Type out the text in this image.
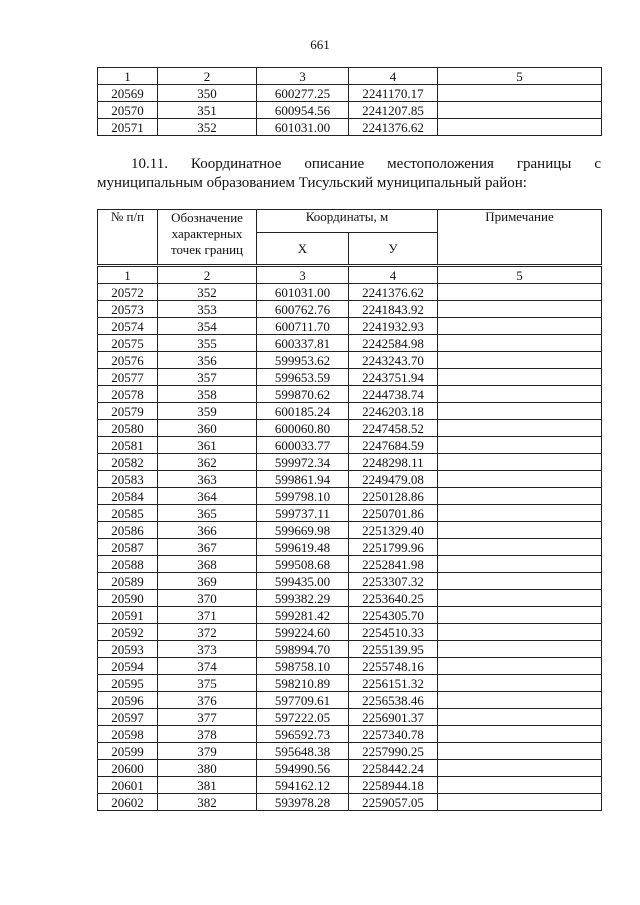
661
1	2	3	4	5
20569	350	600277.25	2241170.17	
20570	351	600954.56	2241207.85	
20571	352	601031.00	2241376.62	
10.11. Координатное описание местоположения границы с
муниципальным образованием Тисульский муниципальный район:
№ п/п	Обозначение характерных точек границ	Координаты, м		Примечание
		Х	У	
1	2	3	4	5
20572	352	601031.00	2241376.62	
20573	353	600762.76	2241843.92	
20574	354	600711.70	2241932.93	
20575	355	600337.81	2242584.98	
20576	356	599953.62	2243243.70	
20577	357	599653.59	2243751.94	
20578	358	599870.62	2244738.74	
20579	359	600185.24	2246203.18	
20580	360	600060.80	2247458.52	
20581	361	600033.77	2247684.59	
20582	362	599972.34	2248298.11	
20583	363	599861.94	2249479.08	
20584	364	599798.10	2250128.86	
20585	365	599737.11	2250701.86	
20586	366	599669.98	2251329.40	
20587	367	599619.48	2251799.96	
20588	368	599508.68	2252841.98	
20589	369	599435.00	2253307.32	
20590	370	599382.29	2253640.25	
20591	371	599281.42	2254305.70	
20592	372	599224.60	2254510.33	
20593	373	598994.70	2255139.95	
20594	374	598758.10	2255748.16	
20595	375	598210.89	2256151.32	
20596	376	597709.61	2256538.46	
20597	377	597222.05	2256901.37	
20598	378	596592.73	2257340.78	
20599	379	595648.38	2257990.25	
20600	380	594990.56	2258442.24	
20601	381	594162.12	2258944.18	
20602	382	593978.28	2259057.05	
